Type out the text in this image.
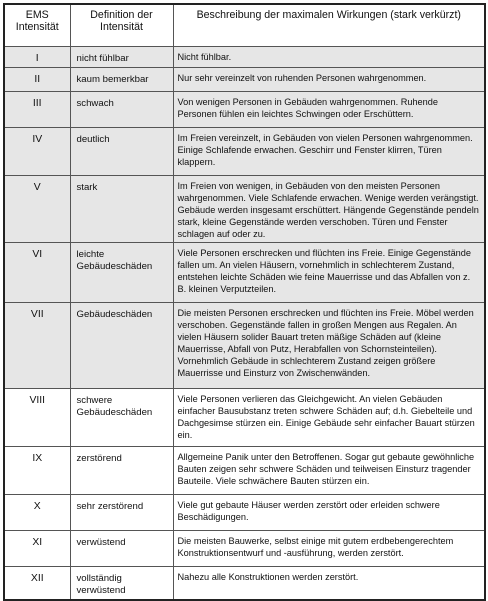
EMS Intensität	Definition der Intensität	Beschreibung der maximalen Wirkungen (stark verkürzt)
I	nicht fühlbar	Nicht fühlbar.
II	kaum bemerkbar	Nur sehr vereinzelt von ruhenden Personen wahrgenommen.
III	schwach	Von wenigen Personen in Gebäuden wahrgenommen. Ruhende Personen fühlen ein leichtes Schwingen oder Erschüttern.
IV	deutlich	Im Freien vereinzelt, in Gebäuden von vielen Personen wahrgenommen. Einige Schlafende erwachen. Geschirr und Fenster klirren, Türen klappern.
V	stark	Im Freien von wenigen, in Gebäuden von den meisten Personen wahrgenommen. Viele Schlafende erwachen. Wenige werden verängstigt. Gebäude werden insgesamt erschüttert. Hängende Gegenstände pendeln stark, kleine Gegenstände werden verschoben. Türen und Fenster schlagen auf oder zu.
VI	leichte Gebäudeschäden	Viele Personen erschrecken und flüchten ins Freie. Einige Gegenstände fallen um. An vielen Häusern, vornehmlich in schlechterem Zustand, entstehen leichte Schäden wie feine Mauerrisse und das Abfallen von z. B. kleinen Verputzteilen.
VII	Gebäudeschäden	Die meisten Personen erschrecken und flüchten ins Freie. Möbel werden verschoben. Gegenstände fallen in großen Mengen aus Regalen. An vielen Häusern solider Bauart treten mäßige Schäden auf (kleine Mauerrisse, Abfall von Putz, Herabfallen von Schornsteinteilen). Vornehmlich Gebäude in schlechterem Zustand zeigen größere Mauerrisse und Einsturz von Zwischenwänden.
VIII	schwere Gebäudeschäden	Viele Personen verlieren das Gleichgewicht. An vielen Gebäuden einfacher Bausubstanz treten schwere Schäden auf; d.h. Giebelteile und Dachgesimse stürzen ein. Einige Gebäude sehr einfacher Bauart stürzen ein.
IX	zerstörend	Allgemeine Panik unter den Betroffenen. Sogar gut gebaute gewöhnliche Bauten zeigen sehr schwere Schäden und teilweisen Einsturz tragender Bauteile. Viele schwächere Bauten stürzen ein.
X	sehr zerstörend	Viele gut gebaute Häuser werden zerstört oder erleiden schwere Beschädigungen.
XI	verwüstend	Die meisten Bauwerke, selbst einige mit gutem erdbebengerechtem Konstruktionsentwurf und -ausführung, werden zerstört.
XII	vollständig verwüstend	Nahezu alle Konstruktionen werden zerstört.
